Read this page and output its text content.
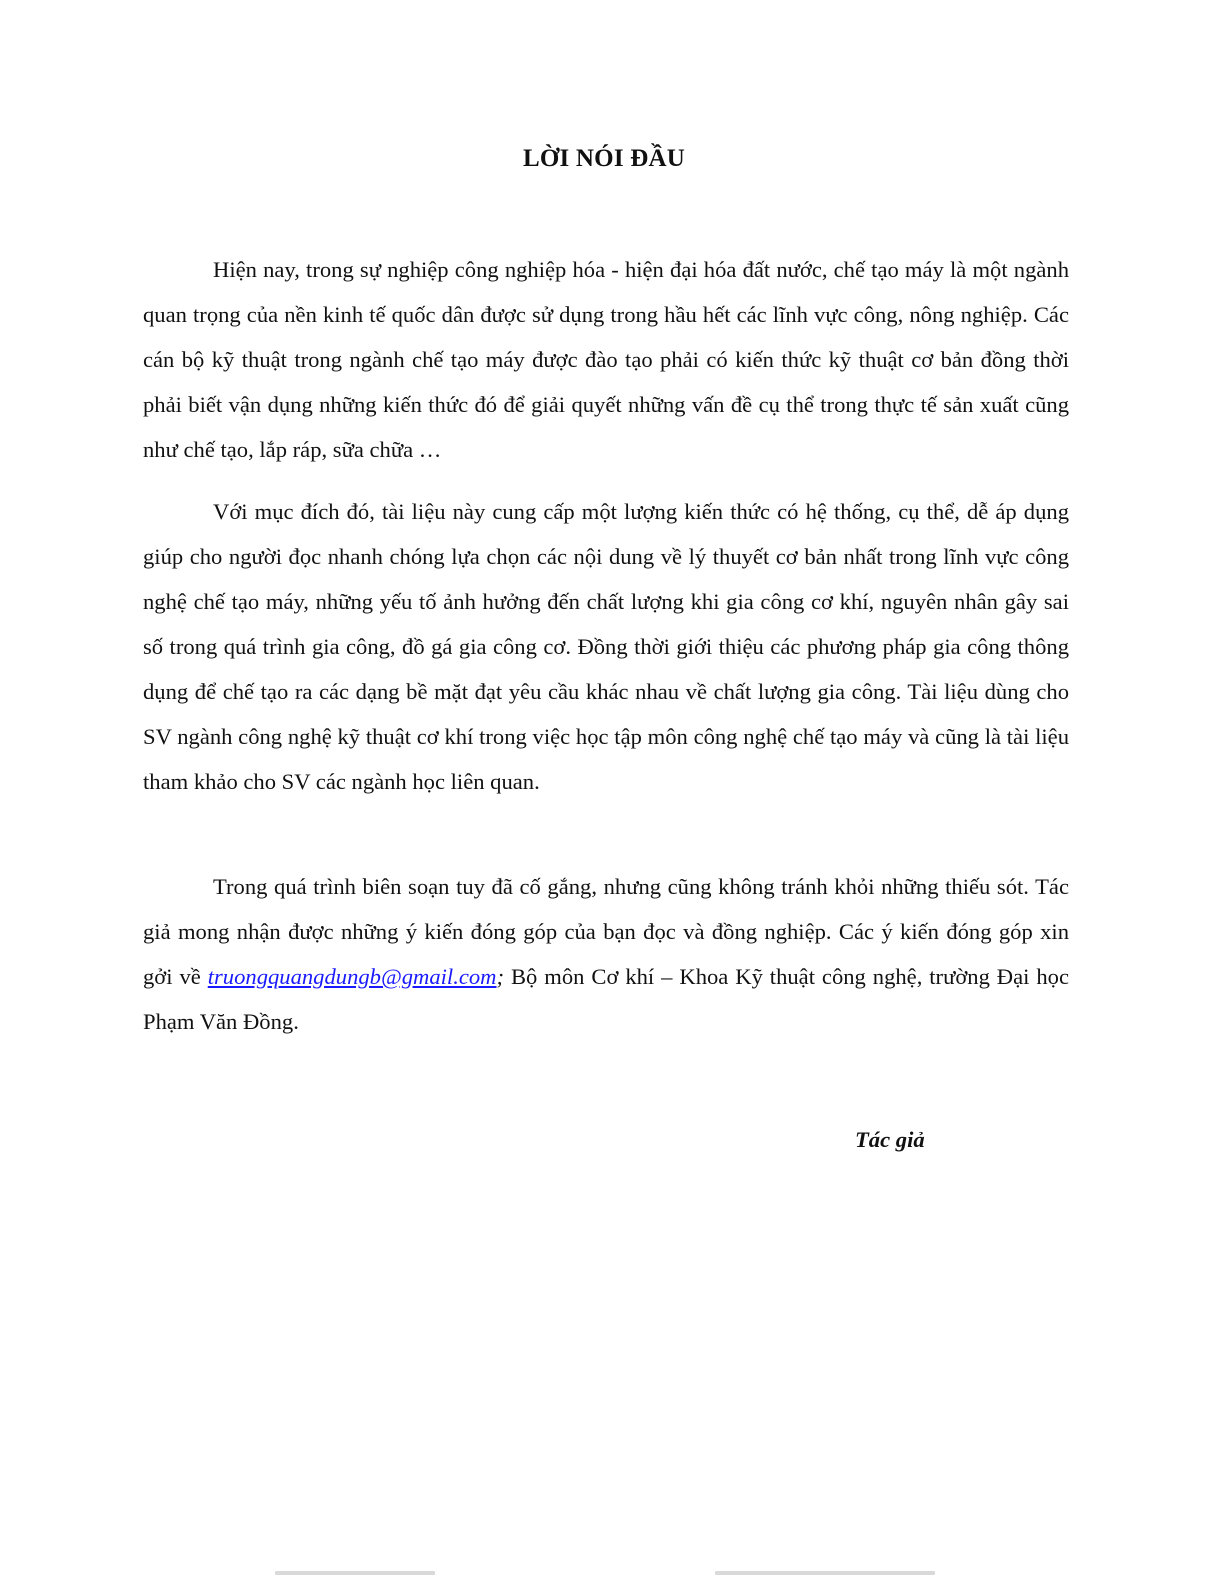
LỜI NÓI ĐẦU

Hiện nay, trong sự nghiệp công nghiệp hóa - hiện đại hóa đất nước, chế tạo máy là một ngành quan trọng của nền kinh tế quốc dân được sử dụng trong hầu hết các lĩnh vực công, nông nghiệp. Các cán bộ kỹ thuật trong ngành chế tạo máy được đào tạo phải có kiến thức kỹ thuật cơ bản đồng thời phải biết vận dụng những kiến thức đó để giải quyết những vấn đề cụ thể trong thực tế sản xuất cũng như chế tạo, lắp ráp, sữa chữa …

Với mục đích đó, tài liệu này cung cấp một lượng kiến thức có hệ thống, cụ thể, dễ áp dụng giúp cho người đọc nhanh chóng lựa chọn các nội dung về lý thuyết cơ bản nhất trong lĩnh vực công nghệ chế tạo máy, những yếu tố ảnh hưởng đến chất lượng khi gia công cơ khí, nguyên nhân gây sai số trong quá trình gia công, đồ gá gia công cơ. Đồng thời giới thiệu các phương pháp gia công thông dụng để chế tạo ra các dạng bề mặt đạt yêu cầu khác nhau về chất lượng gia công. Tài liệu dùng cho SV ngành công nghệ kỹ thuật cơ khí trong việc học tập môn công nghệ chế tạo máy và cũng là tài liệu tham khảo cho SV các ngành học liên quan.

Trong quá trình biên soạn tuy đã cố gắng, nhưng cũng không tránh khỏi những thiếu sót. Tác giả mong nhận được những ý kiến đóng góp của bạn đọc và đồng nghiệp. Các ý kiến đóng góp xin gởi về truongquangdungb@gmail.com; Bộ môn Cơ khí – Khoa Kỹ thuật công nghệ, trường Đại học Phạm Văn Đồng.

Tác giả
